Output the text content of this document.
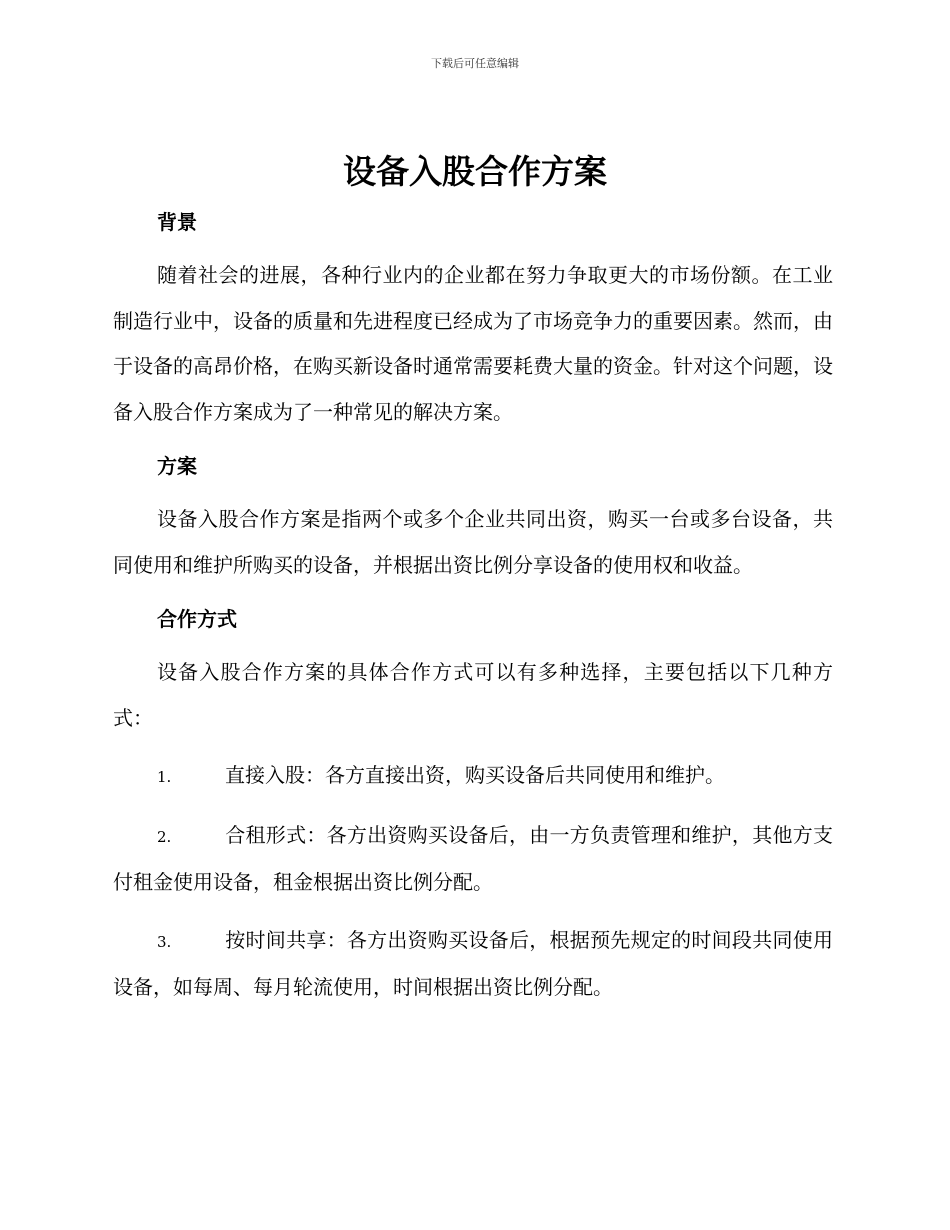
下载后可任意编辑
设备入股合作方案
背景

随着社会的进展，各种行业内的企业都在努力争取更大的市场份额。在工业制造行业中，设备的质量和先进程度已经成为了市场竞争力的重要因素。然而，由于设备的高昂价格，在购买新设备时通常需要耗费大量的资金。针对这个问题，设备入股合作方案成为了一种常见的解决方案。

方案

设备入股合作方案是指两个或多个企业共同出资，购买一台或多台设备，共同使用和维护所购买的设备，并根据出资比例分享设备的使用权和收益。

合作方式

设备入股合作方案的具体合作方式可以有多种选择，主要包括以下几种方式：

1.	直接入股：各方直接出资，购买设备后共同使用和维护。

2.	合租形式：各方出资购买设备后，由一方负责管理和维护，其他方支付租金使用设备，租金根据出资比例分配。

3.	按时间共享：各方出资购买设备后，根据预先规定的时间段共同使用设备，如每周、每月轮流使用，时间根据出资比例分配。
